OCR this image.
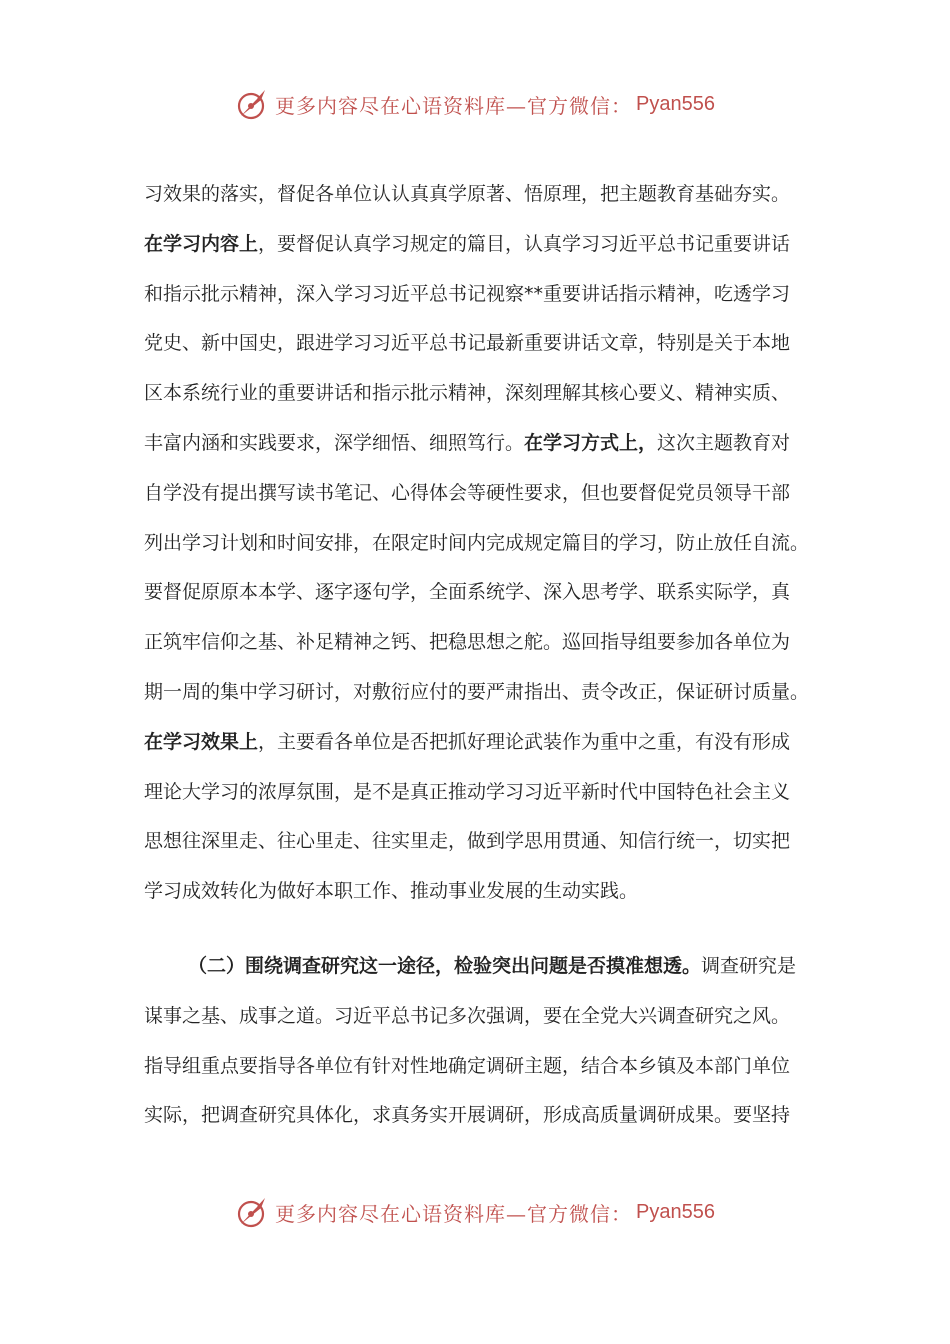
更多内容尽在心语资料库—官方微信： Pyan556
习效果的落实，督促各单位认认真真学原著、悟原理，把主题教育基础夯实。
在学习内容上，要督促认真学习规定的篇目，认真学习习近平总书记重要讲话
和指示批示精神，深入学习习近平总书记视察**重要讲话指示精神，吃透学习
党史、新中国史，跟进学习习近平总书记最新重要讲话文章，特别是关于本地
区本系统行业的重要讲话和指示批示精神，深刻理解其核心要义、精神实质、
丰富内涵和实践要求，深学细悟、细照笃行。在学习方式上，这次主题教育对
自学没有提出撰写读书笔记、心得体会等硬性要求，但也要督促党员领导干部
列出学习计划和时间安排，在限定时间内完成规定篇目的学习，防止放任自流。
要督促原原本本学、逐字逐句学，全面系统学、深入思考学、联系实际学，真
正筑牢信仰之基、补足精神之钙、把稳思想之舵。巡回指导组要参加各单位为
期一周的集中学习研讨，对敷衍应付的要严肃指出、责令改正，保证研讨质量。
在学习效果上，主要看各单位是否把抓好理论武装作为重中之重，有没有形成
理论大学习的浓厚氛围，是不是真正推动学习习近平新时代中国特色社会主义
思想往深里走、往心里走、往实里走，做到学思用贯通、知信行统一，切实把
学习成效转化为做好本职工作、推动事业发展的生动实践。
（二）围绕调查研究这一途径，检验突出问题是否摸准想透。调查研究是
谋事之基、成事之道。习近平总书记多次强调，要在全党大兴调查研究之风。
指导组重点要指导各单位有针对性地确定调研主题，结合本乡镇及本部门单位
实际，把调查研究具体化，求真务实开展调研，形成高质量调研成果。要坚持
更多内容尽在心语资料库—官方微信： Pyan556
